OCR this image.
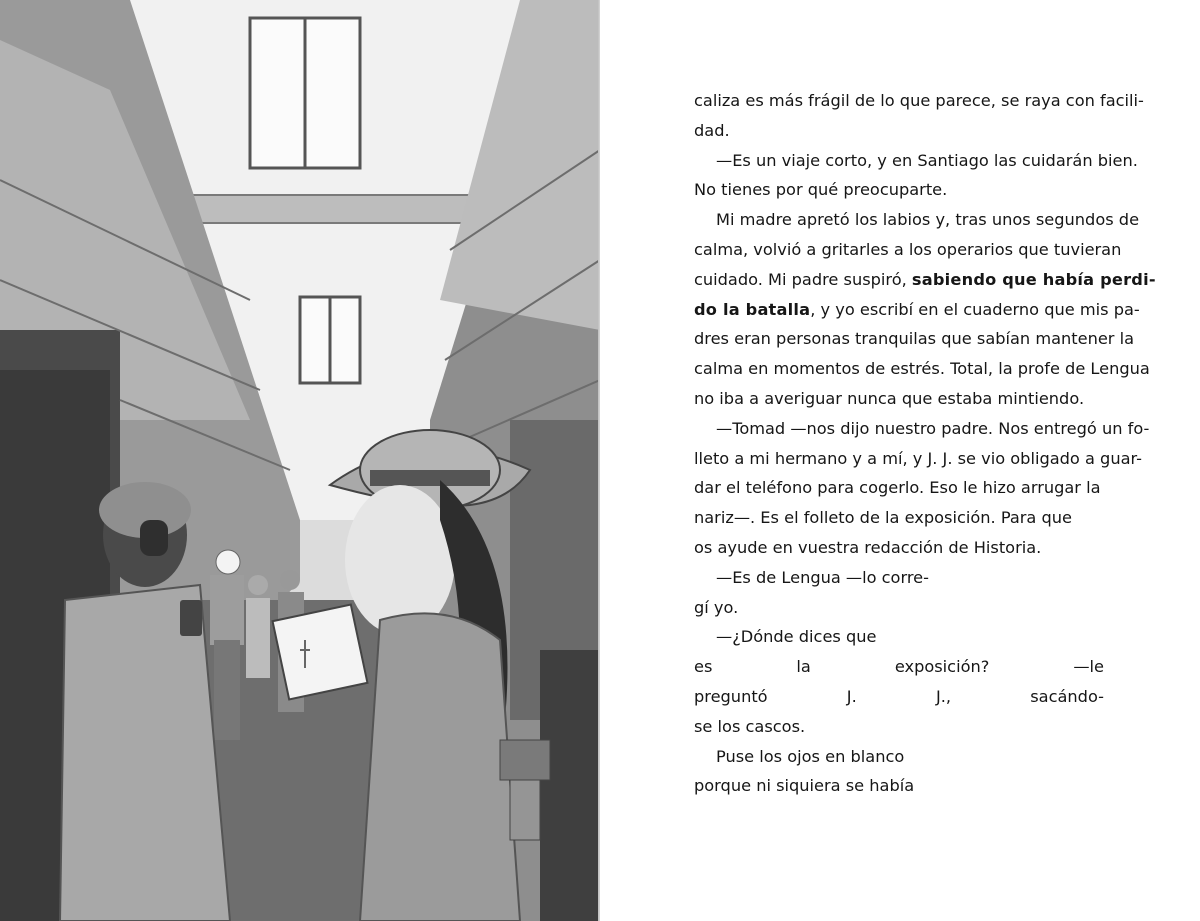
caliza es más frágil de lo que parece, se raya con facili-
dad.
—Es un viaje corto, y en Santiago las cuidarán bien.
No tienes por qué preocuparte.
Mi madre apretó los labios y, tras unos segundos de
calma, volvió a gritarles a los operarios que tuvieran
cuidado. Mi padre suspiró, sabiendo que había perdi-
do la batalla, y yo escribí en el cuaderno que mis pa-
dres eran personas tranquilas que sabían mantener la
calma en momentos de estrés. Total, la profe de Lengua
no iba a averiguar nunca que estaba mintiendo.
—Tomad —nos dijo nuestro padre. Nos entregó un fo-
lleto a mi hermano y a mí, y J. J. se vio obligado a guar-
dar el teléfono para cogerlo. Eso le hizo arrugar la
nariz—. Es el folleto de la exposición. Para que
os ayude en vuestra redacción de Historia.
—Es de Lengua —lo corre-
gí yo.
—¿Dónde dices que
es la exposición? —le
preguntó J. J., sacándo-
se los cascos.
Puse los ojos en blanco
porque ni siquiera se había
